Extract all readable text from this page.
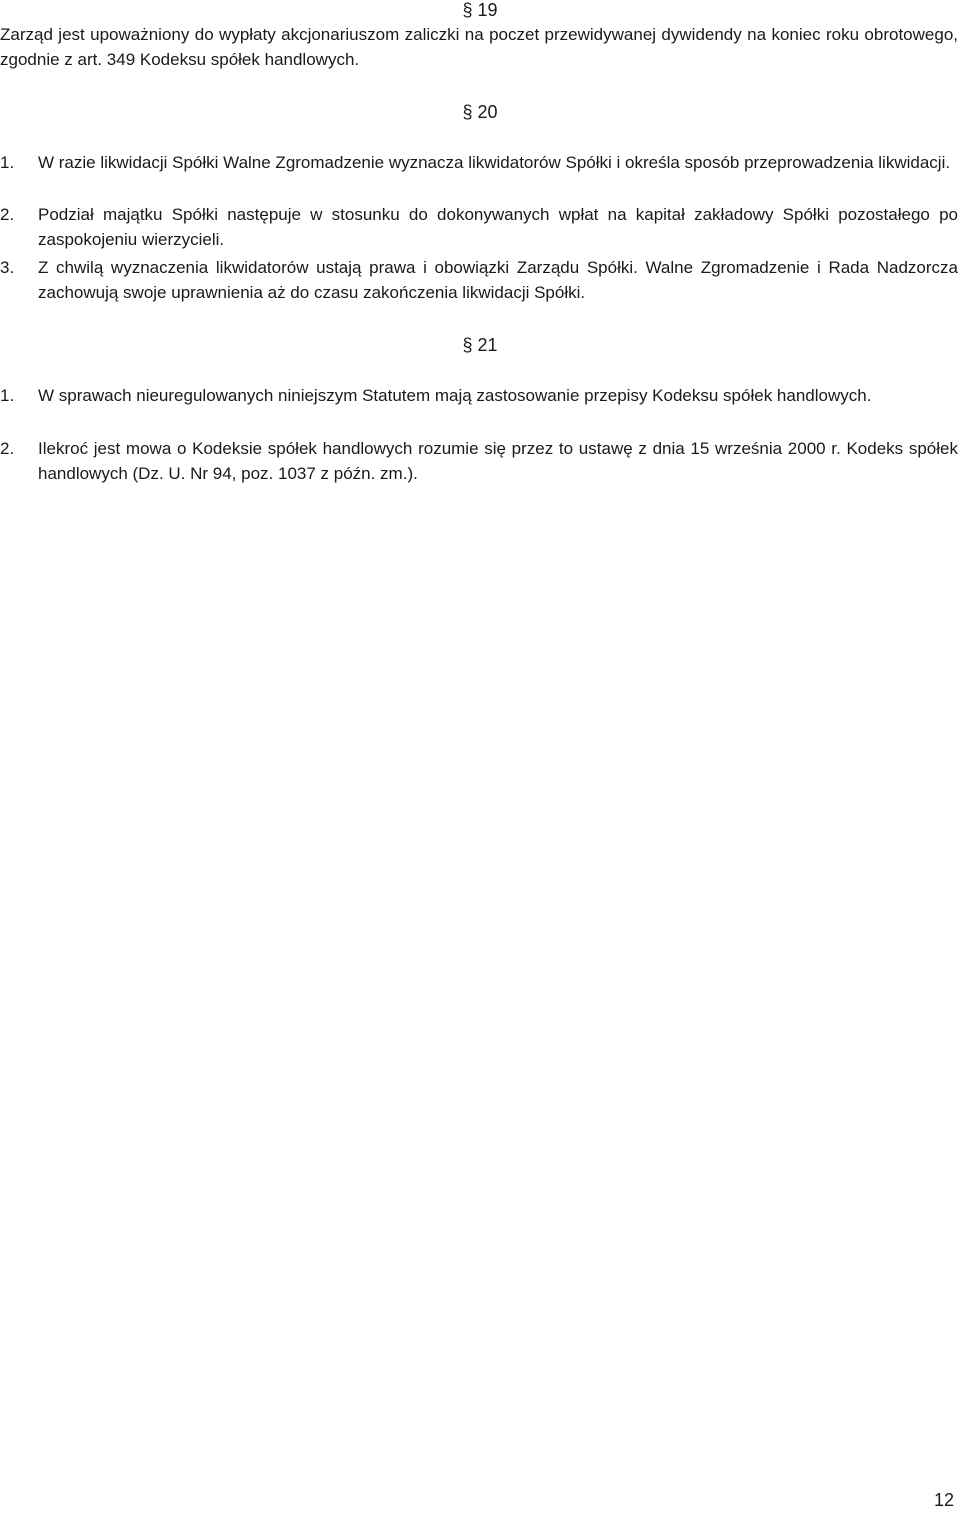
§ 19

Zarząd jest upoważniony do wypłaty akcjonariuszom zaliczki na poczet przewidywanej dywidendy na koniec roku obrotowego, zgodnie z art. 349 Kodeksu spółek handlowych.

§ 20
1.	W razie likwidacji Spółki Walne Zgromadzenie wyznacza likwidatorów Spółki i określa sposób przeprowadzenia likwidacji.
2.	Podział majątku Spółki następuje w stosunku do dokonywanych wpłat na kapitał zakładowy Spółki pozostałego po zaspokojeniu wierzycieli.
3.	Z chwilą wyznaczenia likwidatorów ustają prawa i obowiązki Zarządu Spółki. Walne Zgromadzenie i Rada Nadzorcza zachowują swoje uprawnienia aż do czasu zakończenia likwidacji Spółki.
§ 21
1.	W sprawach nieuregulowanych niniejszym Statutem mają zastosowanie przepisy Kodeksu spółek handlowych.
2.	Ilekroć jest mowa o Kodeksie spółek handlowych rozumie się przez to ustawę z dnia 15 września 2000 r. Kodeks spółek handlowych (Dz. U. Nr 94, poz. 1037 z późn. zm.).
12
